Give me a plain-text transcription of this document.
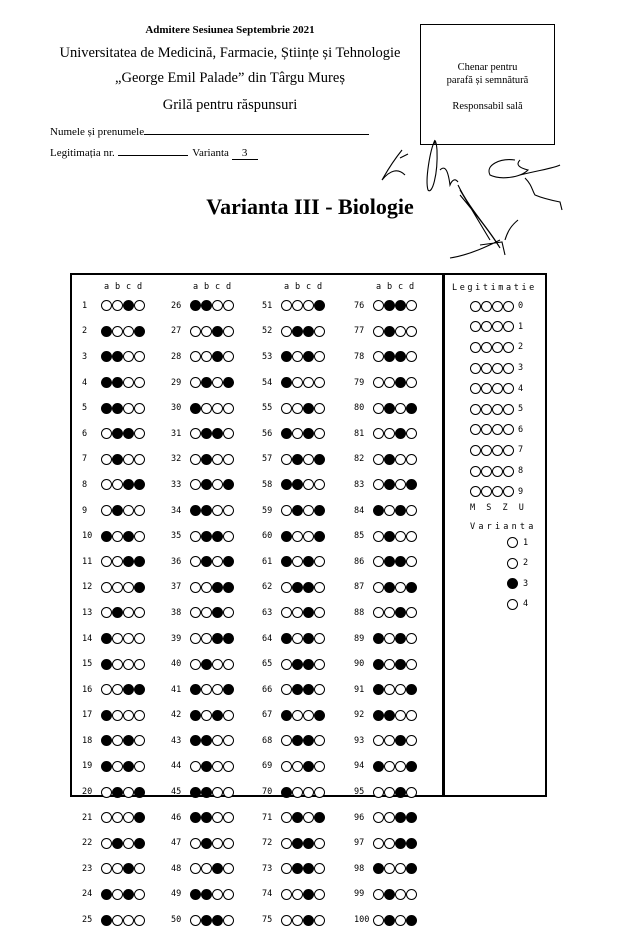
Admitere Sesiunea Septembrie 2021
Universitatea de Medicină, Farmacie, Științe și Tehnologie
„George Emil Palade” din Târgu Mureș
Grilă pentru răspunsuri
Numele și prenumele
Legitimația nr.	Varianta 3
Chenar pentru
parafă și semnătură
Responsabil sală
Varianta III - Biologie
a b c d
1
2
3
4
5
6
7
8
9
10
11
12
13
14
15
16
17
18
19
20
21
22
23
24
25
a b c d
26
27
28
29
30
31
32
33
34
35
36
37
38
39
40
41
42
43
44
45
46
47
48
49
50
a b c d
51
52
53
54
55
56
57
58
59
60
61
62
63
64
65
66
67
68
69
70
71
72
73
74
75
a b c d
76
77
78
79
80
81
82
83
84
85
86
87
88
89
90
91
92
93
94
95
96
97
98
99
100
Legitimatie
0
1
2
3
4
5
6
7
8
9
M S Z U
Varianta
1
2
3
4
